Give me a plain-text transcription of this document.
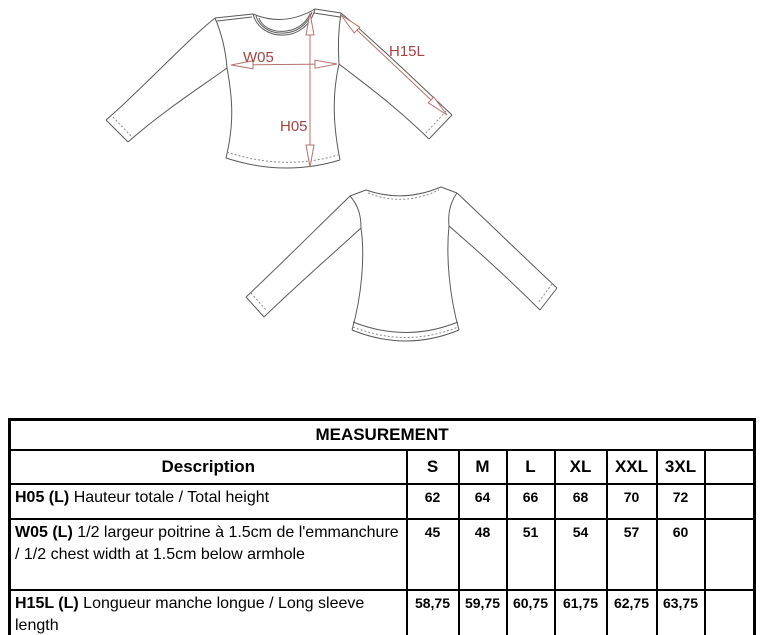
W05
H05
H15L
MEASUREMENT							
Description	S	M	L	XL	XXL	3XL	
H05 (L) Hauteur totale / Total height	62	64	66	68	70	72	
W05 (L) 1/2 largeur poitrine à 1.5cm de l'emmanchure / 1/2 chest width at 1.5cm below armhole	45	48	51	54	57	60	
H15L (L) Longueur manche longue / Long sleeve length	58,75	59,75	60,75	61,75	62,75	63,75	
